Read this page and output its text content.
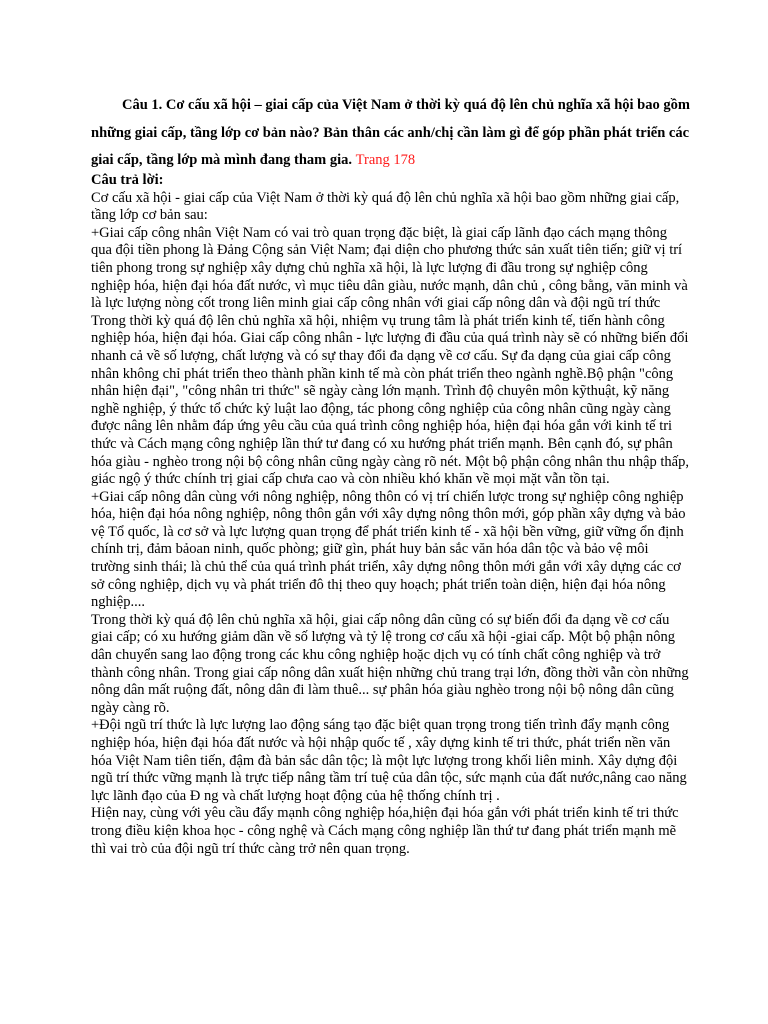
Câu 1. Cơ cấu xã hội – giai cấp của Việt Nam ở thời kỳ quá độ lên chủ nghĩa xã hội bao gồm những giai cấp, tầng lớp cơ bản nào? Bản thân các anh/chị cần làm gì để góp phần phát triển các giai cấp, tầng lớp mà mình đang tham gia. Trang 178

Câu trả lời:
Cơ cấu xã hội - giai cấp của Việt Nam ở thời kỳ quá độ lên chủ nghĩa xã hội bao gồm những giai cấp, tầng lớp cơ bản sau:
+Giai cấp công nhân Việt Nam có vai trò quan trọng đặc biệt, là giai cấp lãnh đạo cách mạng thông qua đội tiền phong là Đảng Cộng sản Việt Nam; đại diện cho phương thức sản xuất tiên tiến; giữ vị trí tiên phong trong sự nghiệp xây dựng chủ nghĩa xã hội, là lực lượng đi đầu trong sự nghiệp công nghiệp hóa, hiện đại hóa đất nước, vì mục tiêu dân giàu, nước mạnh, dân chủ , công bằng, văn minh và là lực lượng nòng cốt trong liên minh giai cấp công nhân với giai cấp nông dân và đội ngũ trí thức
Trong thời kỳ quá độ lên chủ nghĩa xã hội, nhiệm vụ trung tâm là phát triển kinh tế, tiến hành công nghiệp hóa, hiện đại hóa. Giai cấp công nhân - lực lượng đi đầu của quá trình này sẽ có những biến đổi nhanh cả về số lượng, chất lượng và có sự thay đổi đa dạng về cơ cấu. Sự đa dạng của giai cấp công nhân không chỉ phát triển theo thành phần kinh tế mà còn phát triển theo ngành nghề.Bộ phận "công nhân hiện đại", "công nhân tri thức" sẽ ngày càng lớn mạnh. Trình độ chuyên môn kỹthuật, kỹ năng nghề nghiệp, ý thức tổ chức kỷ luật lao động, tác phong công nghiệp của công nhân cũng ngày càng được nâng lên nhằm đáp ứng yêu cầu của quá trình công nghiệp hóa, hiện đại hóa gắn với kinh tế tri thức và Cách mạng công nghiệp lần thứ tư đang có xu hướng phát triển mạnh. Bên cạnh đó, sự phân hóa giàu - nghèo trong nội bộ công nhân cũng ngày càng rõ nét. Một bộ phận công nhân thu nhập thấp, giác ngộ ý thức chính trị giai cấp chưa cao và còn nhiều khó khăn về mọi mặt vẫn tồn tại.
+Giai cấp nông dân cùng với nông nghiệp, nông thôn có vị trí chiến lược trong sự nghiệp công nghiệp hóa, hiện đại hóa nông nghiệp, nông thôn gắn với xây dựng nông thôn mới, góp phần xây dựng và bảo vệ Tổ quốc, là cơ sở và lực lượng quan trọng để phát triển kinh tế - xã hội bền vững, giữ vững ổn định chính trị, đảm bảoan ninh, quốc phòng; giữ gìn, phát huy bản sắc văn hóa dân tộc và bảo vệ môi
trường sinh thái; là chủ thể của quá trình phát triển, xây dựng nông thôn mới gắn với xây dựng các cơ sở công nghiệp, dịch vụ và phát triển đô thị theo quy hoạch; phát triển toàn diện, hiện đại hóa nông nghiệp....
Trong thời kỳ quá độ lên chủ nghĩa xã hội, giai cấp nông dân cũng có sự biến đổi đa dạng về cơ cấu giai cấp; có xu hướng giảm dần về số lượng và tỷ lệ trong cơ cấu xã hội -giai cấp. Một bộ phận nông dân chuyển sang lao động trong các khu công nghiệp hoặc dịch vụ có tính chất công nghiệp và trở thành công nhân. Trong giai cấp nông dân xuất hiện những chủ trang trại lớn, đồng thời vẫn còn những nông dân mất ruộng đất, nông dân đi làm thuê... sự phân hóa giàu nghèo trong nội bộ nông dân cũng ngày càng rõ.
+Đội ngũ trí thức là lực lượng lao động sáng tạo đặc biệt quan trọng trong tiến trình đẩy mạnh công nghiệp hóa, hiện đại hóa đất nước và hội nhập quốc tế , xây dựng kinh tế tri thức, phát triển nền văn hóa Việt Nam tiên tiến, đậm đà bản sắc dân tộc; là một lực lượng trong khối liên minh. Xây dựng đội ngũ trí thức vững mạnh là trực tiếp nâng tầm trí tuệ của dân tộc, sức mạnh của đất nước,nâng cao năng lực lãnh đạo của Đ ng và chất lượng hoạt động của hệ thống chính trị .
Hiện nay, cùng với yêu cầu đẩy mạnh công nghiệp hóa,hiện đại hóa gắn với phát triển kinh tế tri thức trong điều kiện khoa học - công nghệ và Cách mạng công nghiệp lần thứ tư đang phát triển mạnh mẽ thì vai trò của đội ngũ trí thức càng trở nên quan trọng.
